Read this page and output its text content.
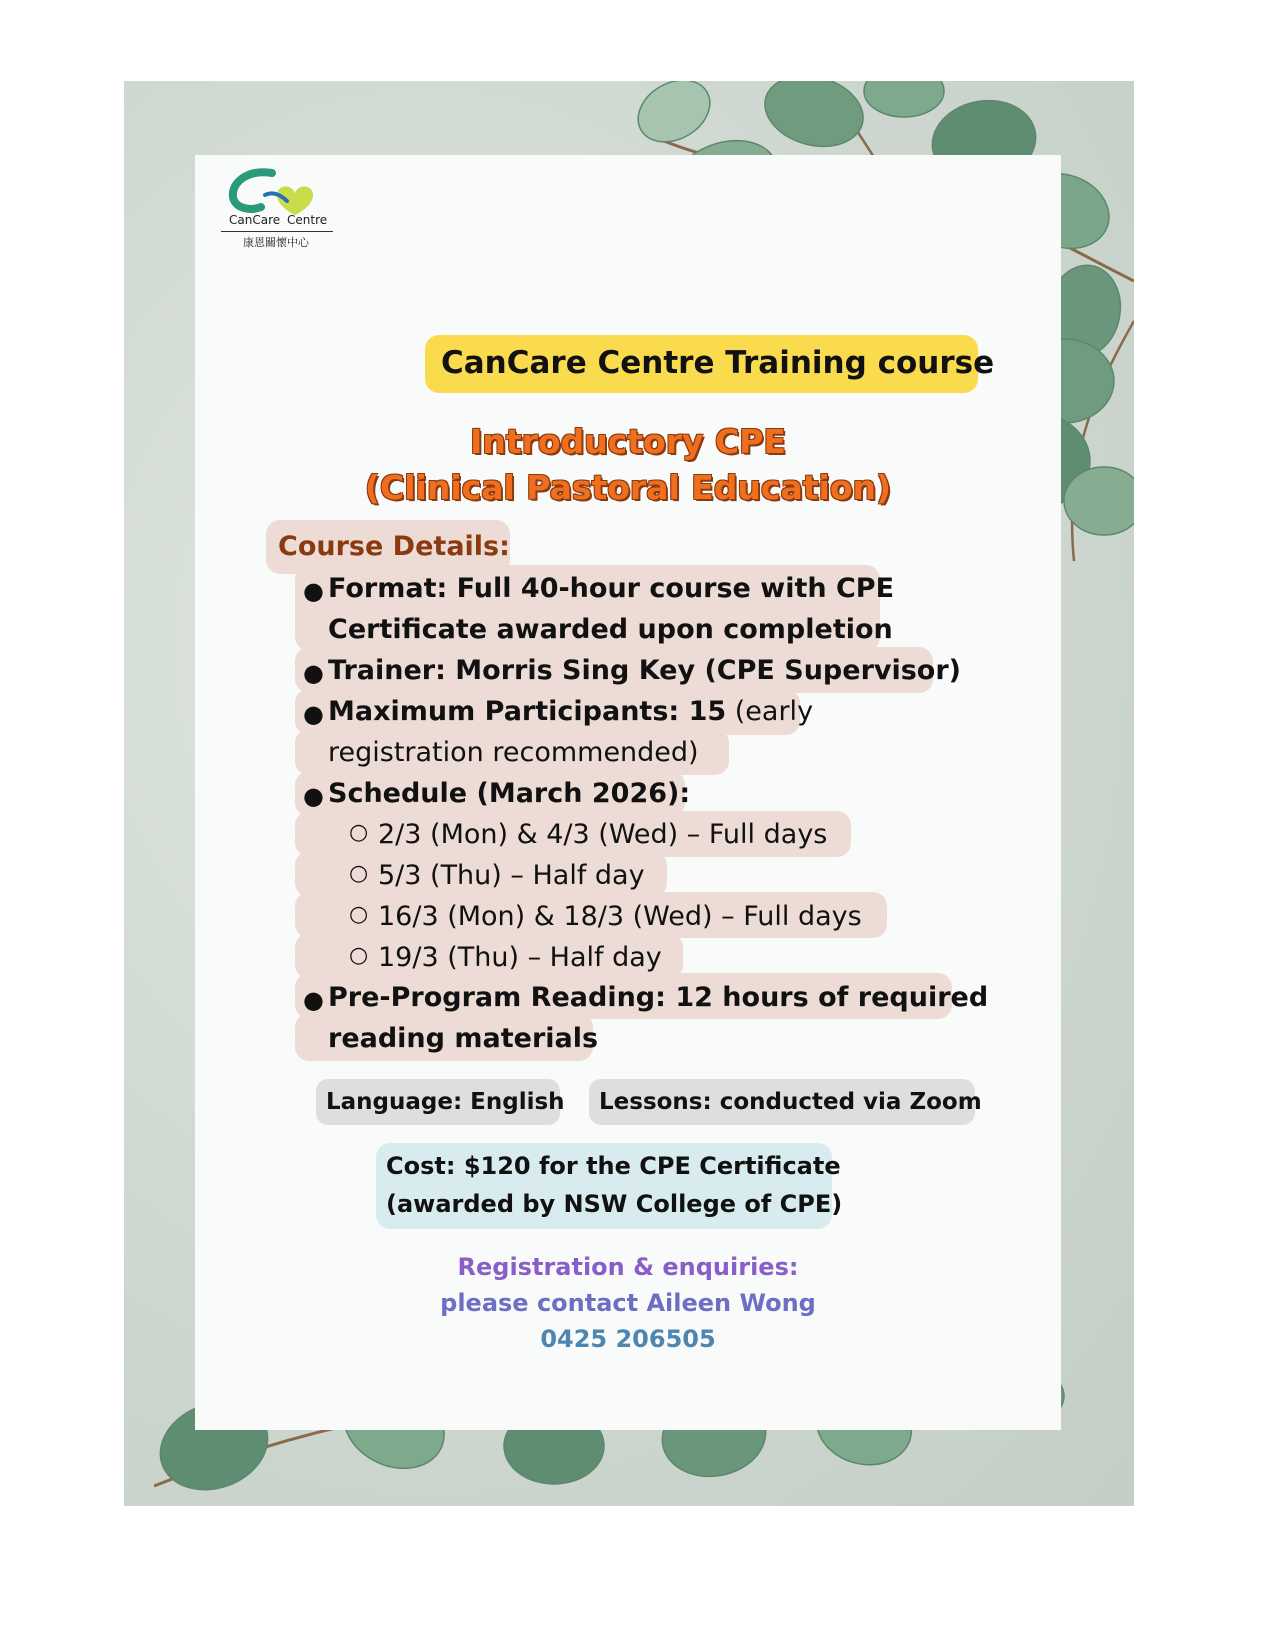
CanCare Centre
康恩關懷中心
CanCare Centre Training course
Introductory CPE
(Clinical Pastoral Education)
Course Details:
● Format: Full 40-hour course with CPE
Certificate awarded upon completion
● Trainer: Morris Sing Key (CPE Supervisor)
● Maximum Participants: 15 (early
registration recommended)
● Schedule (March 2026):
○ 2/3 (Mon) & 4/3 (Wed) – Full days
○ 5/3 (Thu) – Half day
○ 16/3 (Mon) & 18/3 (Wed) – Full days
○ 19/3 (Thu) – Half day
● Pre-Program Reading: 12 hours of required
reading materials
Language: English Lessons: conducted via Zoom
Cost: $120 for the CPE Certificate
(awarded by NSW College of CPE)
Registration & enquiries:
please contact Aileen Wong
0425 206505
